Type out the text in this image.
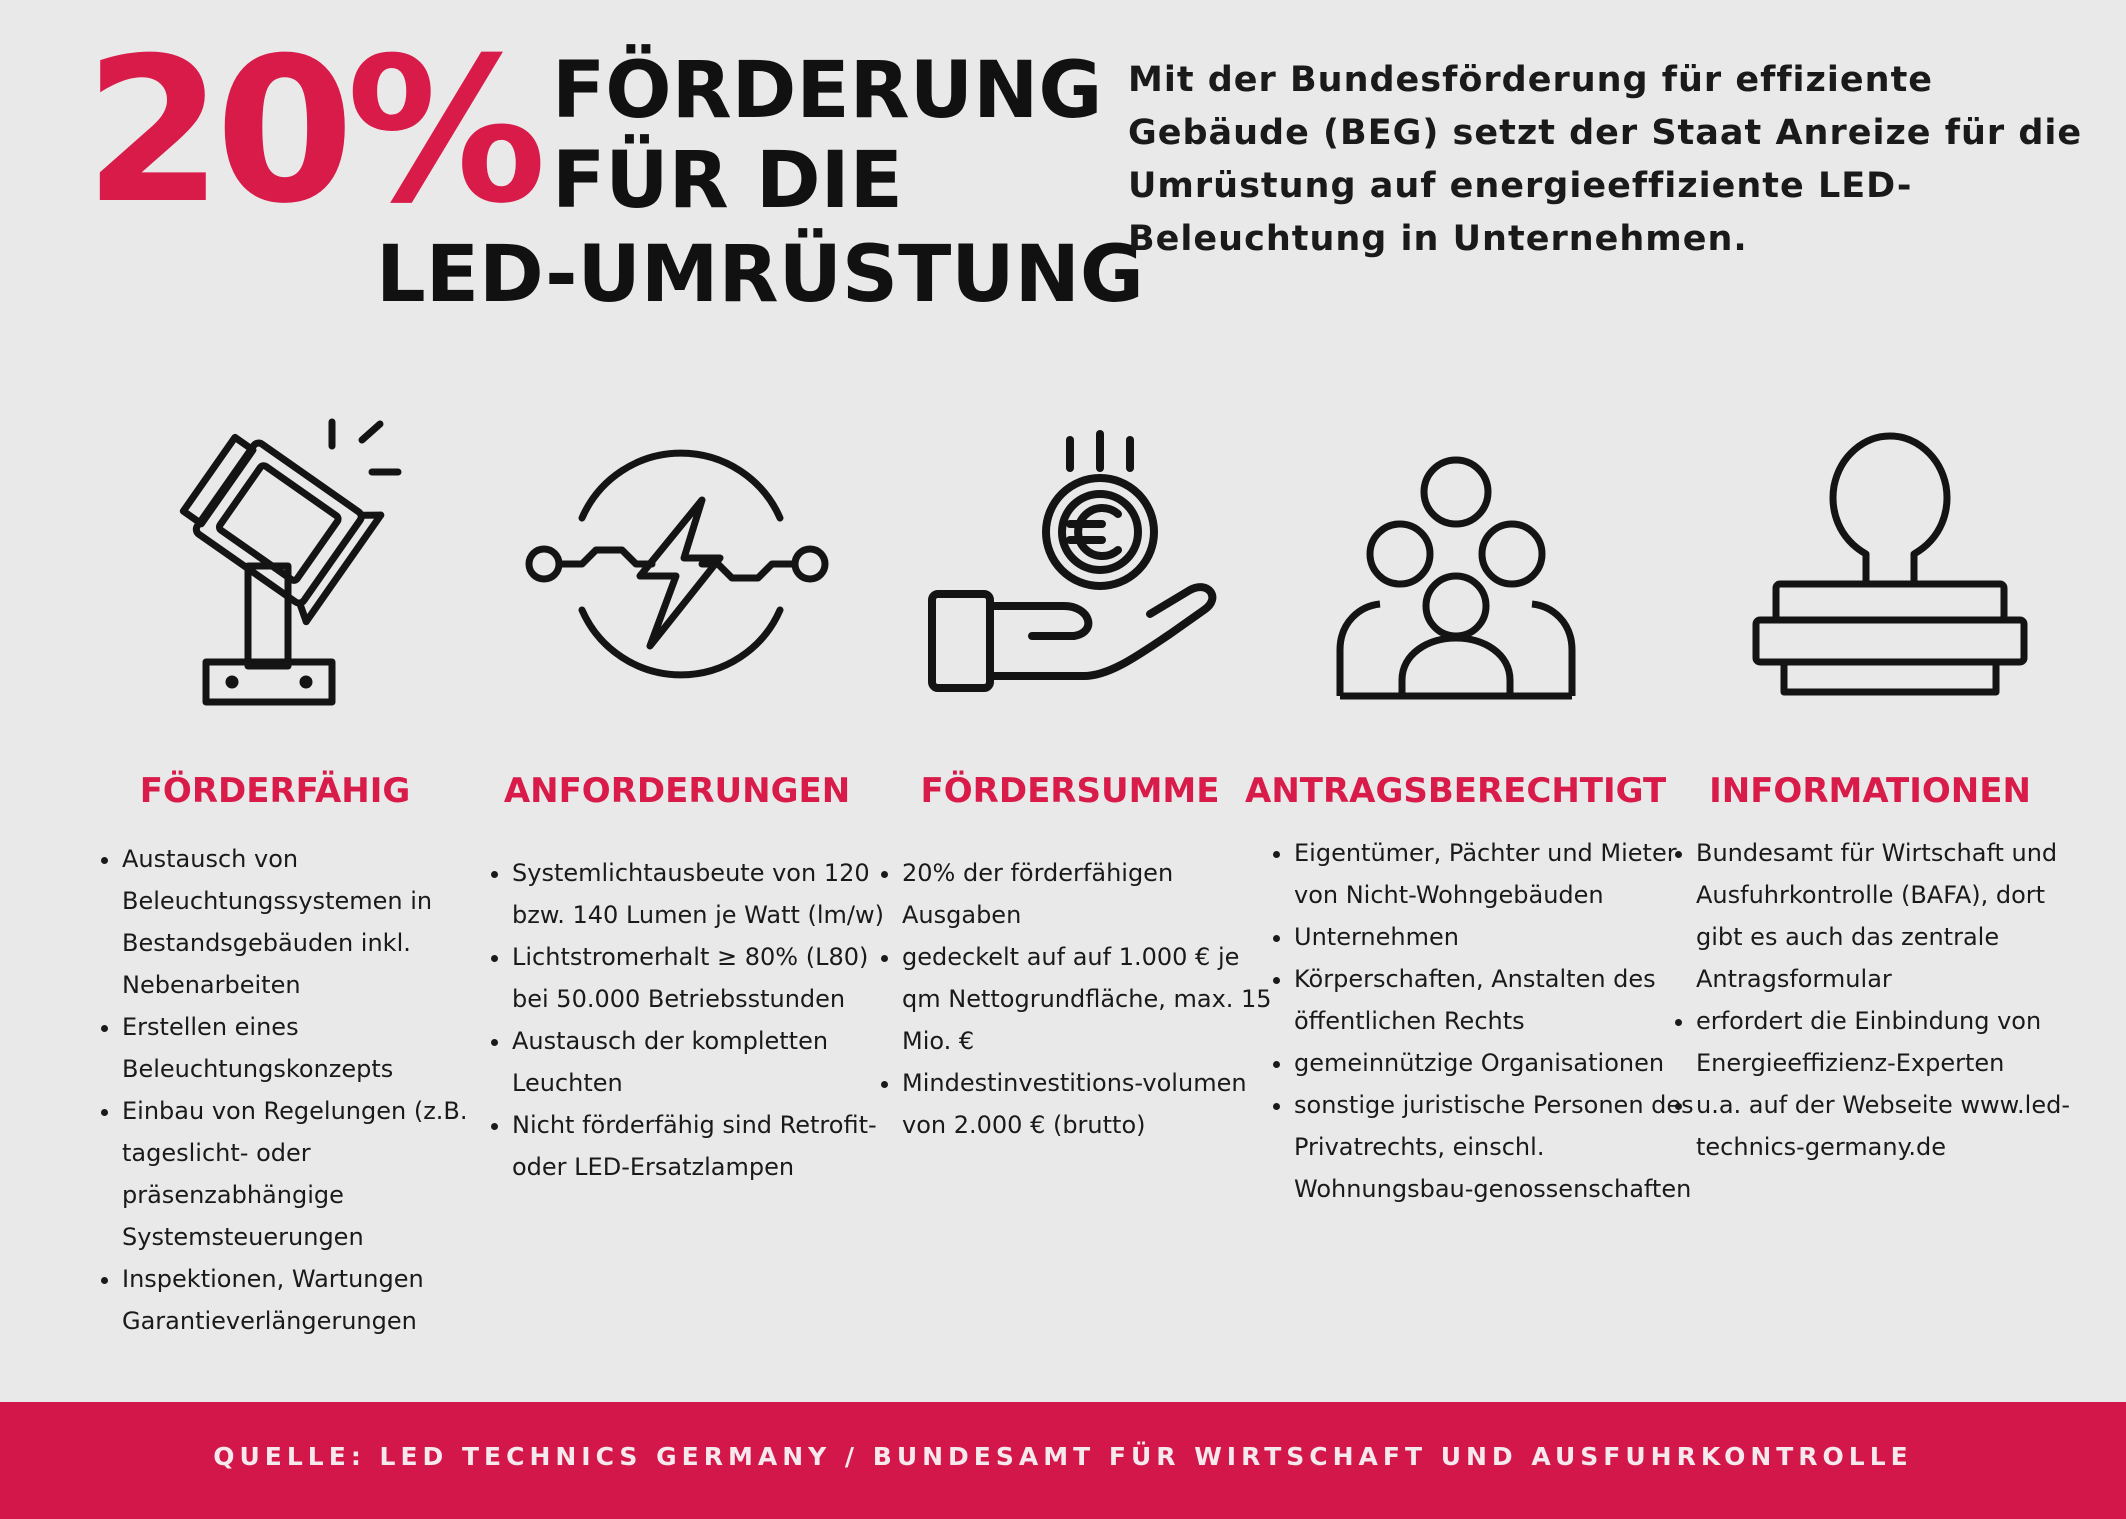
20% FÖRDERUNG
FÜR DIE
LED-UMRÜSTUNG
Mit der Bundesförderung für effiziente Gebäude (BEG) setzt der Staat Anreize für die Umrüstung auf energieeffiziente LED-Beleuchtung in Unternehmen.
FÖRDERFÄHIG	ANFORDERUNGEN	FÖRDERSUMME ANTRAGSBERECHTIGT	INFORMATIONEN
• Austausch von Beleuchtungssystemen in Bestandsgebäuden inkl. Nebenarbeiten
• Erstellen eines Beleuchtungskonzepts
• Einbau von Regelungen (z.B. tageslicht- oder präsenzabhängige Systemsteuerungen
• Inspektionen, Wartungen Garantieverlängerungen
• Systemlichtausbeute von 120 bzw. 140 Lumen je Watt (lm/w)
• Lichtstromerhalt ≥ 80% (L80) bei 50.000 Betriebsstunden
• Austausch der kompletten Leuchten
• Nicht förderfähig sind Retrofit- oder LED-Ersatzlampen
• 20% der förderfähigen Ausgaben
• gedeckelt auf auf 1.000 € je qm Nettogrundfläche, max. 15 Mio. €
• Mindestinvestitions-volumen von 2.000 € (brutto)
• Eigentümer, Pächter und Mieter von Nicht-Wohngebäuden
• Unternehmen
• Körperschaften, Anstalten des öffentlichen Rechts
• gemeinnützige Organisationen
• sonstige juristische Personen des Privatrechts, einschl. Wohnungsbau-genossenschaften
• Bundesamt für Wirtschaft und Ausfuhrkontrolle (BAFA), dort gibt es auch das zentrale Antragsformular
• erfordert die Einbindung von Energieeffizienz-Experten
• u.a. auf der Webseite www.led-technics-germany.de
QUELLE: LED TECHNICS GERMANY / BUNDESAMT FÜR WIRTSCHAFT UND AUSFUHRKONTROLLE
